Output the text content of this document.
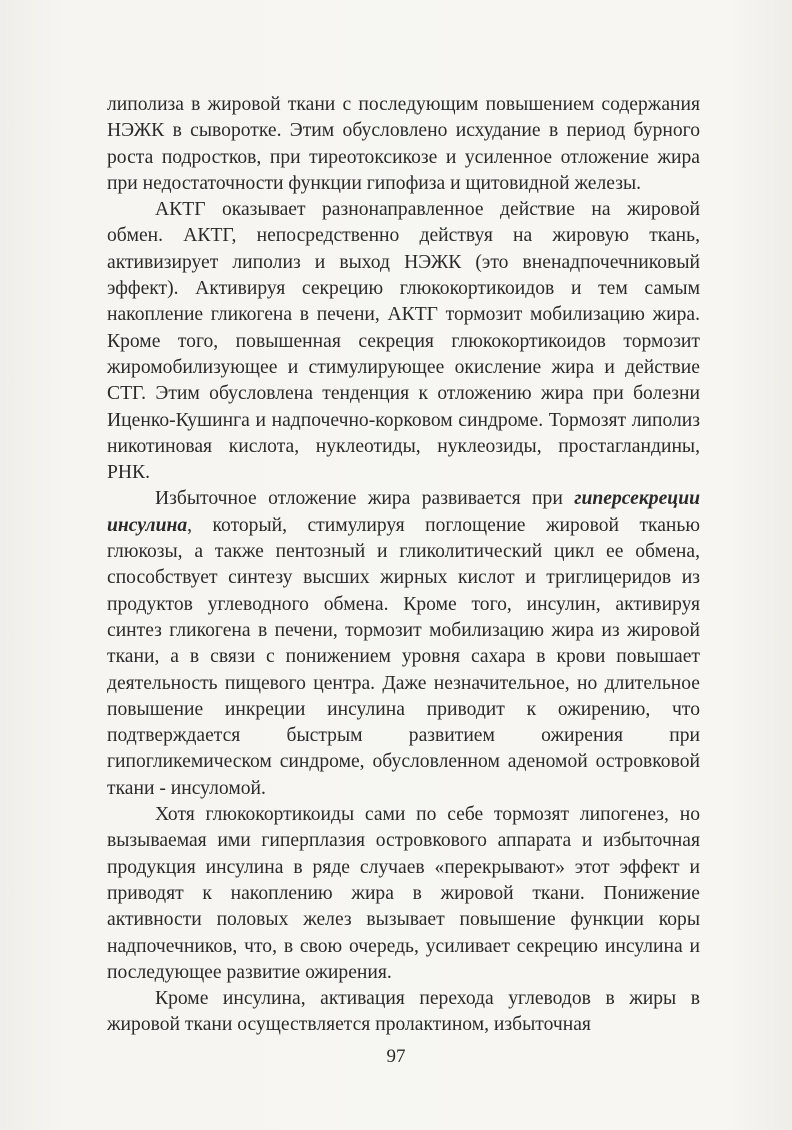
липолиза в жировой ткани с последующим повышением содержания НЭЖК в сыворотке. Этим обусловлено исхудание в период бурного роста подростков, при тиреотоксикозе и усиленное отложение жира при недостаточности функции гипофиза и щитовидной железы.

АКТГ оказывает разнонаправленное действие на жировой обмен. АКТГ, непосредственно действуя на жировую ткань, активизирует липолиз и выход НЭЖК (это вненадпочечниковый эффект). Активируя секрецию глюкокортикоидов и тем самым накопление гликогена в печени, АКТГ тормозит мобилизацию жира. Кроме того, повышенная секреция глюкокортикоидов тормозит жиромобилизующее и стимулирующее окисление жира и действие СТГ. Этим обусловлена тенденция к отложению жира при болезни Иценко-Кушинга и надпочечно-корковом синдроме. Тормозят липолиз никотиновая кислота, нуклеотиды, нуклеозиды, простагландины, РНК.

Избыточное отложение жира развивается при гиперсекреции инсулина, который, стимулируя поглощение жировой тканью глюкозы, а также пентозный и гликолитический цикл ее обмена, способствует синтезу высших жирных кислот и триглицеридов из продуктов углеводного обмена. Кроме того, инсулин, активируя синтез гликогена в печени, тормозит мобилизацию жира из жировой ткани, а в связи с понижением уровня сахара в крови повышает деятельность пищевого центра. Даже незначительное, но длительное повышение инкреции инсулина приводит к ожирению, что подтверждается быстрым развитием ожирения при гипогликемическом синдроме, обусловленном аденомой островковой ткани - инсуломой.

Хотя глюкокортикоиды сами по себе тормозят липогенез, но вызываемая ими гиперплазия островкового аппарата и избыточная продукция инсулина в ряде случаев «перекрывают» этот эффект и приводят к накоплению жира в жировой ткани. Понижение активности половых желез вызывает повышение функции коры надпочечников, что, в свою очередь, усиливает секрецию инсулина и последующее развитие ожирения.

Кроме инсулина, активация перехода углеводов в жиры в жировой ткани осуществляется пролактином, избыточная

97
